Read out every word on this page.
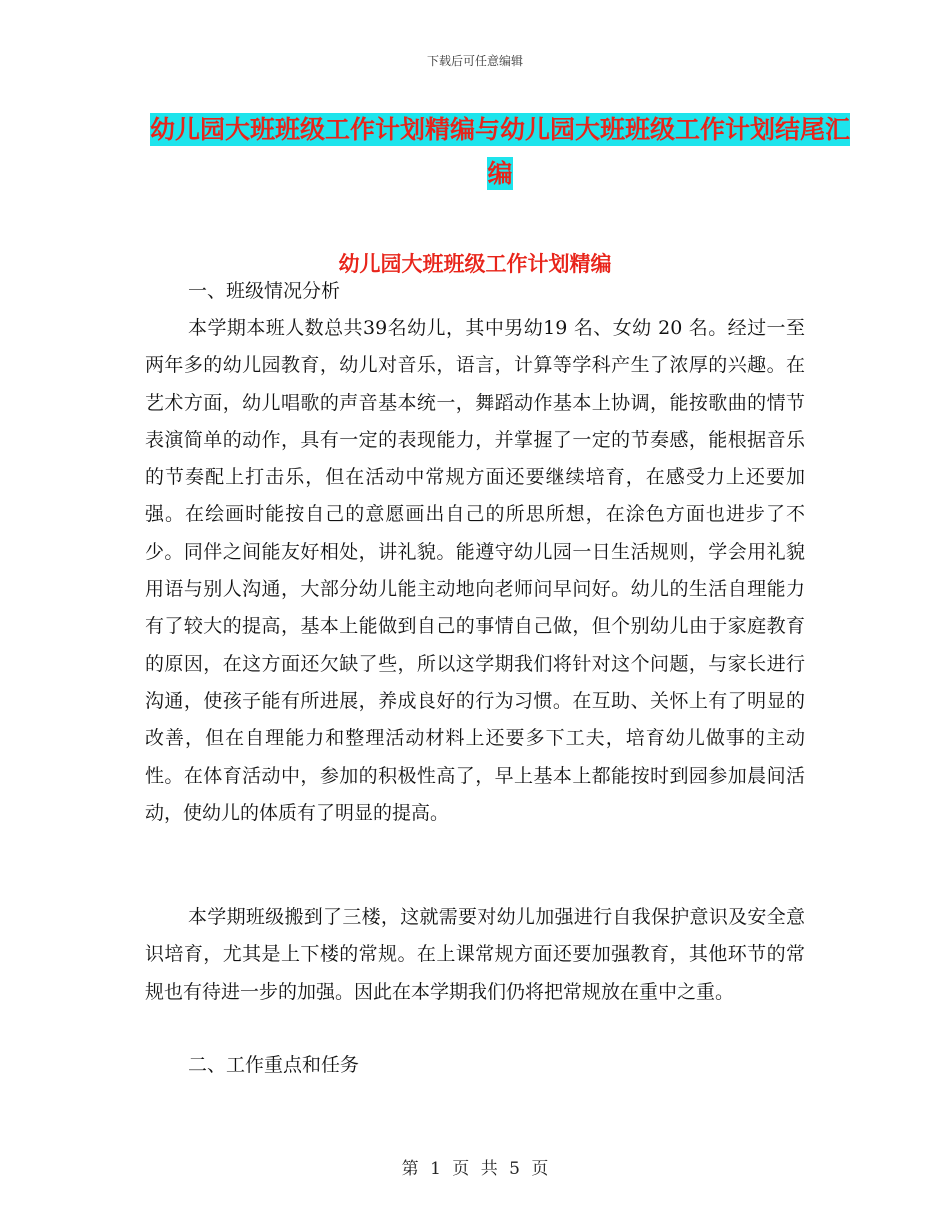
下载后可任意编辑
幼儿园大班班级工作计划精编与幼儿园大班班级工作计划结尾汇编
幼儿园大班班级工作计划精编
一、班级情况分析
本学期本班人数总共39名幼儿，其中男幼19 名、女幼 20 名。经过一至两年多的幼儿园教育，幼儿对音乐，语言，计算等学科产生了浓厚的兴趣。在艺术方面，幼儿唱歌的声音基本统一，舞蹈动作基本上协调，能按歌曲的情节表演简单的动作，具有一定的表现能力，并掌握了一定的节奏感，能根据音乐的节奏配上打击乐，但在活动中常规方面还要继续培育，在感受力上还要加强。在绘画时能按自己的意愿画出自己的所思所想，在涂色方面也进步了不少。同伴之间能友好相处，讲礼貌。能遵守幼儿园一日生活规则，学会用礼貌用语与别人沟通，大部分幼儿能主动地向老师问早问好。幼儿的生活自理能力有了较大的提高，基本上能做到自己的事情自己做，但个别幼儿由于家庭教育的原因，在这方面还欠缺了些，所以这学期我们将针对这个问题，与家长进行沟通，使孩子能有所进展，养成良好的行为习惯。在互助、关怀上有了明显的改善，但在自理能力和整理活动材料上还要多下工夫，培育幼儿做事的主动性。在体育活动中，参加的积极性高了，早上基本上都能按时到园参加晨间活动，使幼儿的体质有了明显的提高。
本学期班级搬到了三楼，这就需要对幼儿加强进行自我保护意识及安全意识培育，尤其是上下楼的常规。在上课常规方面还要加强教育，其他环节的常规也有待进一步的加强。因此在本学期我们仍将把常规放在重中之重。
二、工作重点和任务
第 1 页 共 5 页
